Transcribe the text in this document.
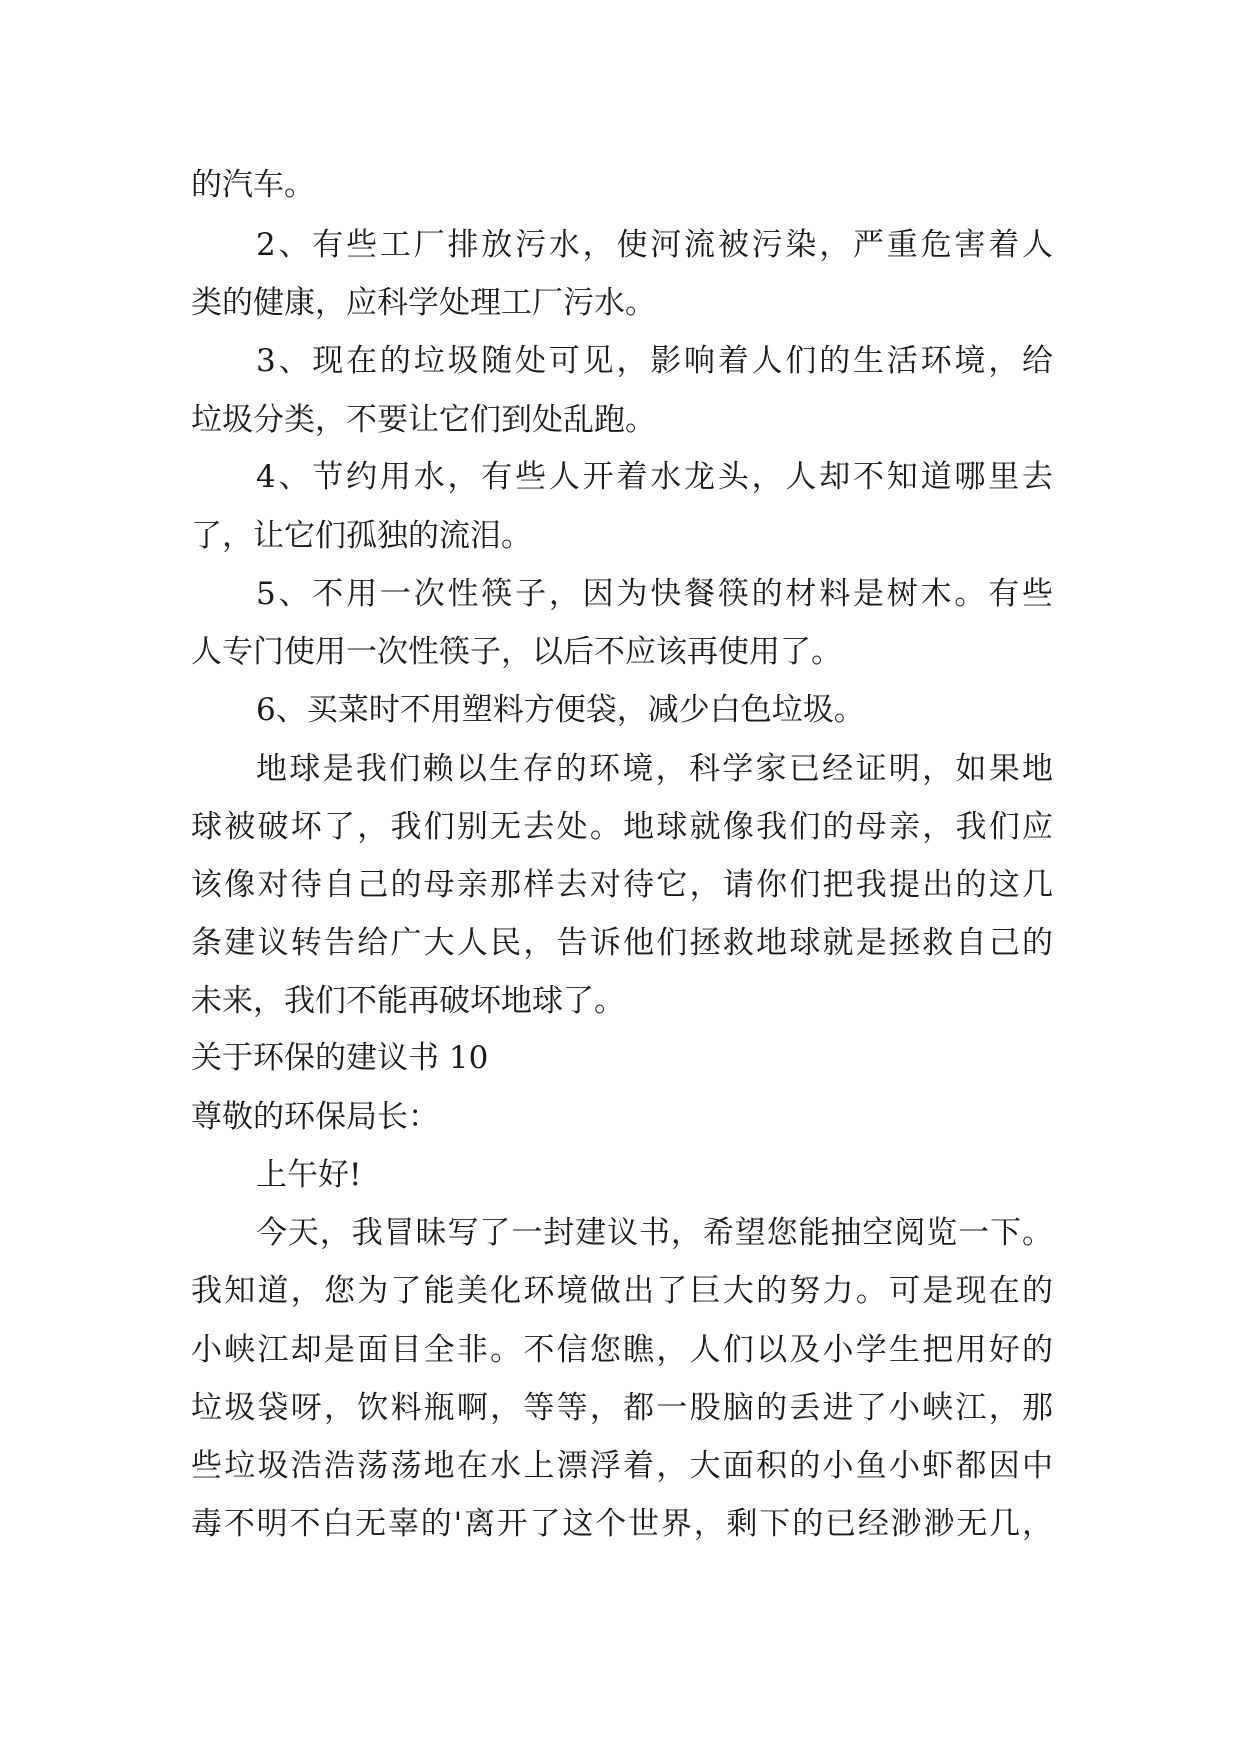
的汽车。
2、有些工厂排放污水，使河流被污染，严重危害着人
类的健康，应科学处理工厂污水。
3、现在的垃圾随处可见，影响着人们的生活环境，给
垃圾分类，不要让它们到处乱跑。
4、节约用水，有些人开着水龙头，人却不知道哪里去
了，让它们孤独的流泪。
5、不用一次性筷子，因为快餐筷的材料是树木。有些
人专门使用一次性筷子，以后不应该再使用了。
6、买菜时不用塑料方便袋，减少白色垃圾。
地球是我们赖以生存的环境，科学家已经证明，如果地
球被破坏了，我们别无去处。地球就像我们的母亲，我们应
该像对待自己的母亲那样去对待它，请你们把我提出的这几
条建议转告给广大人民，告诉他们拯救地球就是拯救自己的
未来，我们不能再破坏地球了。
关于环保的建议书 10
尊敬的环保局长：
上午好!
今天，我冒昧写了一封建议书，希望您能抽空阅览一下。
我知道，您为了能美化环境做出了巨大的努力。可是现在的
小峡江却是面目全非。不信您瞧，人们以及小学生把用好的
垃圾袋呀，饮料瓶啊，等等，都一股脑的丢进了小峡江，那
些垃圾浩浩荡荡地在水上漂浮着，大面积的小鱼小虾都因中
毒不明不白无辜的'离开了这个世界，剩下的已经渺渺无几，
